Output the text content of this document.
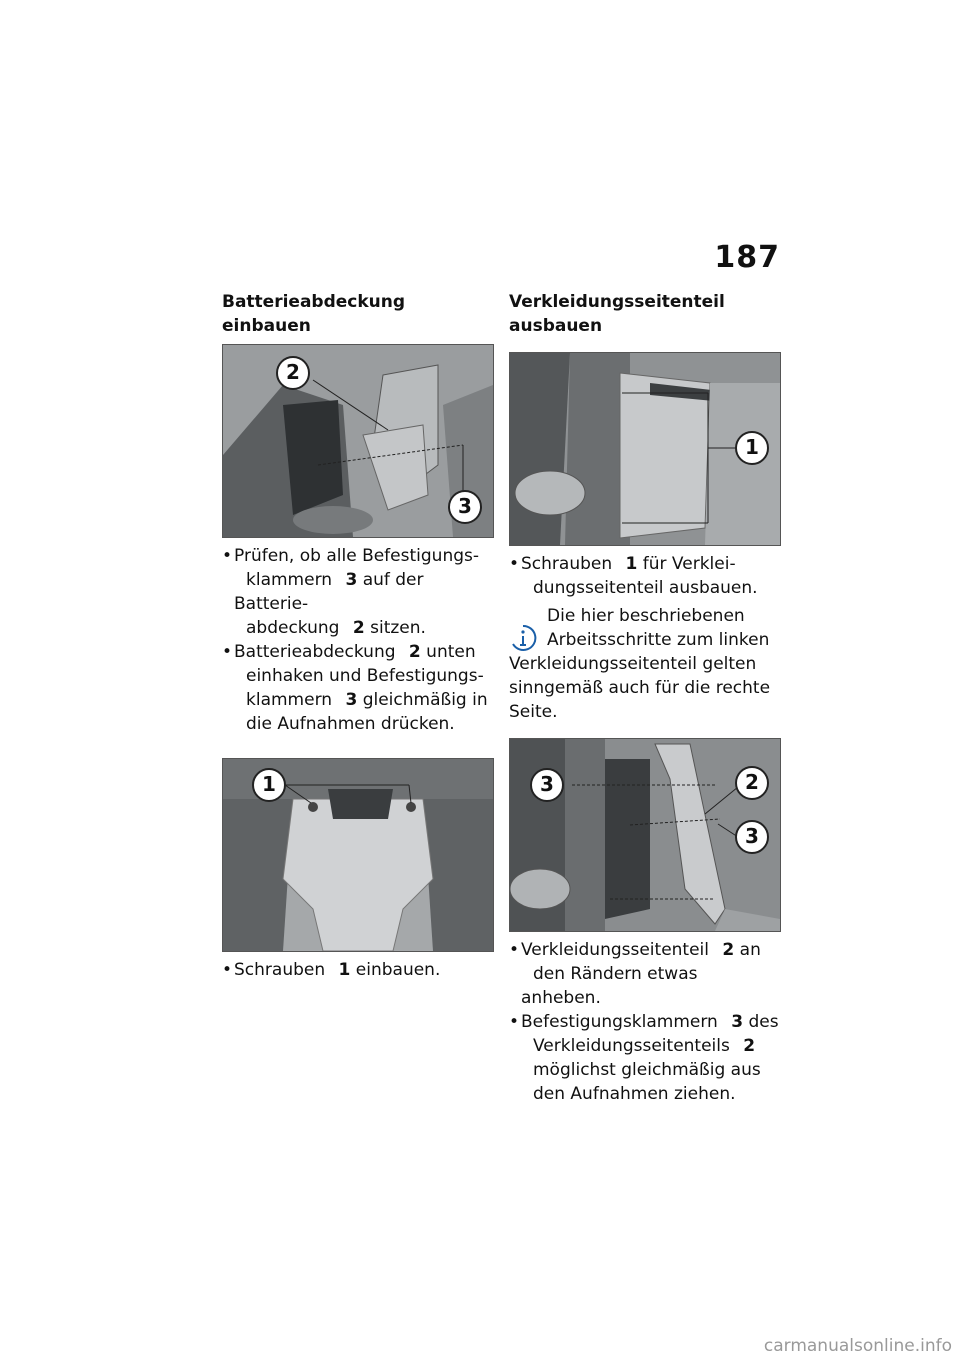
187
Batterieabdeckung einbauen
2
3
• Prüfen, ob alle Befestigungs-
klammern 3 auf der Batterie-
abdeckung 2 sitzen.
• Batterieabdeckung 2 unten
einhaken und Befestigungs-
klammern 3 gleichmäßig in
die Aufnahmen drücken.
1
• Schrauben 1 einbauen.
Verkleidungsseitenteil
ausbauen
1
• Schrauben 1 für Verklei-
dungsseitenteil ausbauen.
Die hier beschriebenen
Arbeitsschritte zum linken
Verkleidungsseitenteil gelten
sinngemäß auch für die rechte
Seite.
3	2
3
• Verkleidungsseitenteil 2 an
den Rändern etwas anheben.
• Befestigungsklammern 3 des
Verkleidungsseitenteils 2
möglichst gleichmäßig aus
den Aufnahmen ziehen.
carmanualsonline.info
